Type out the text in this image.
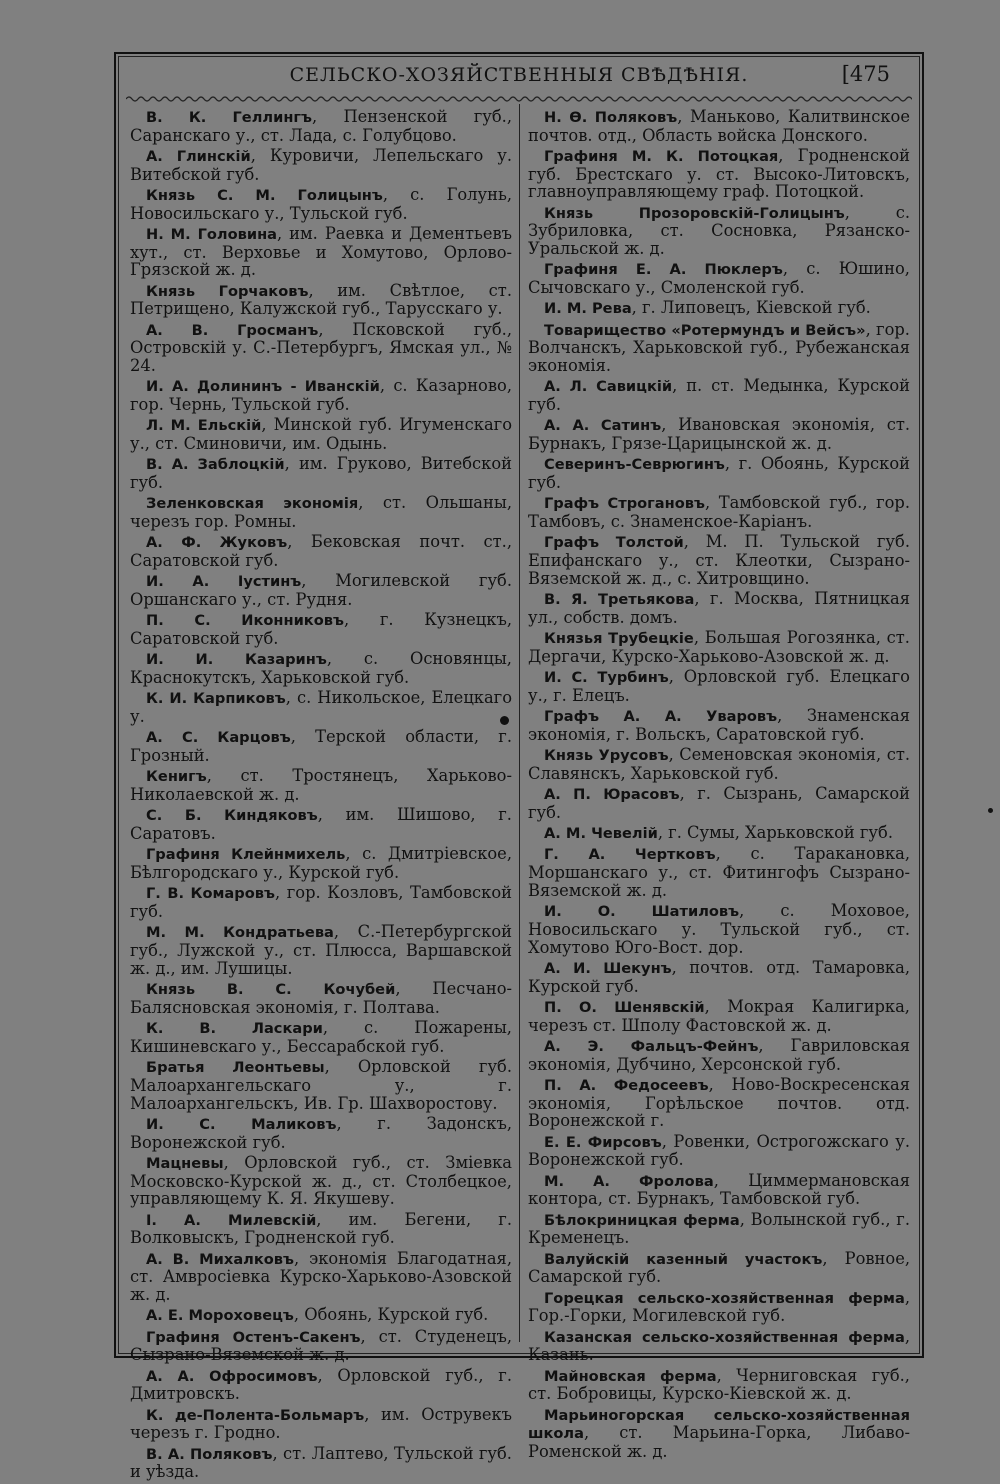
СЕЛЬСКО-ХОЗЯЙСТВЕННЫЯ СВѢДѢНІЯ.	[475

В. К. Геллингъ, Пензенской губ., Саранскаго у., ст. Лада, с. Голубцово.

А. Глинскій, Куровичи, Лепельскаго у. Витебской губ.

Князь С. М. Голицынъ, с. Голунь, Новосильскаго у., Тульской губ.

Н. М. Головина, им. Раевка и Дементьевъ хут., ст. Верховье и Хомутово, Орлово-Грязской ж. д.

Князь Горчаковъ, им. Свѣтлое, ст. Петрищено, Калужской губ., Тарусскаго у.

А. В. Гросманъ, Псковской губ., Островскій у. С.-Петербургъ, Ямская ул., № 24.

И. А. Долининъ - Иванскій, с. Казарново, гор. Чернь, Тульской губ.

Л. М. Ельскій, Минской губ. Игуменскаго у., ст. Сминовичи, им. Одынь.

В. А. Заблоцкій, им. Груково, Витебской губ.

Зеленковская экономія, ст. Ольшаны, черезъ гор. Ромны.

А. Ф. Жуковъ, Бековская почт. ст., Саратовской губ.

И. А. Іустинъ, Могилевской губ. Оршанскаго у., ст. Рудня.

П. С. Иконниковъ, г. Кузнецкъ, Саратовской губ.

И. И. Казаринъ, с. Основянцы, Краснокутскъ, Харьковской губ.

К. И. Карпиковъ, с. Никольское, Елецкаго у.

А. С. Карцовъ, Терской области, г. Грозный.

Кенигъ, ст. Тростянецъ, Харьково-Николаевской ж. д.

С. Б. Киндяковъ, им. Шишово, г. Саратовъ.

Графиня Клейнмихель, с. Дмитріевское, Бѣлгородскаго у., Курской губ.

Г. В. Комаровъ, гор. Козловъ, Тамбовской губ.

М. М. Кондратьева, С.-Петербургской губ., Лужской у., ст. Плюсса, Варшавской ж. д., им. Лушицы.

Князь В. С. Кочубей, Песчано-Балясновская экономія, г. Полтава.

К. В. Ласкари, с. Пожарены, Кишиневскаго у., Бессарабской губ.

Братья Леонтьевы, Орловской губ. Малоархангельскаго у., г. Малоархангельскъ, Ив. Гр. Шахворостову.

И. С. Маликовъ, г. Задонскъ, Воронежской губ.

Мацневы, Орловской губ., ст. Зміевка Московско-Курской ж. д., ст. Столбецкое, управляющему К. Я. Якушеву.

І. А. Милевскій, им. Бегени, г. Волковыскъ, Гродненской губ.

А. В. Михалковъ, экономія Благодатная, ст. Амвросіевка Курско-Харьково-Азовской ж. д.

А. Е. Мороховецъ, Обоянь, Курской губ.

Графиня Остенъ-Сакенъ, ст. Студенецъ, Сызрано-Вяземской ж. д.

А. А. Офросимовъ, Орловской губ., г. Дмитровскъ.

К. де-Полента-Больмаръ, им. Острувекъ черезъ г. Гродно.

В. А. Поляковъ, ст. Лаптево, Тульской губ. и уѣзда.

Н. Ѳ. Поляковъ, Маньково, Калитвинское почтов. отд., Область войска Донского.

Графиня М. К. Потоцкая, Гродненской губ. Брестскаго у. ст. Высоко-Литовскъ, главноуправляющему граф. Потоцкой.

Князь Прозоровскій-Голицынъ, с. Зубриловка, ст. Сосновка, Рязанско-Уральской ж. д.

Графиня Е. А. Пюклеръ, с. Юшино, Сычовскаго у., Смоленской губ.

И. М. Рева, г. Липовецъ, Кіевской губ.

Товарищество «Ротермундъ и Вейсъ», гор. Волчанскъ, Харьковской губ., Рубежанская экономія.

А. Л. Савицкій, п. ст. Медынка, Курской губ.

А. А. Сатинъ, Ивановская экономія, ст. Бурнакъ, Грязе-Царицынской ж. д.

Северинъ-Севрюгинъ, г. Обоянь, Курской губ.

Графъ Строгановъ, Тамбовской губ., гор. Тамбовъ, с. Знаменское-Каріанъ.

Графъ Толстой, М. П. Тульской губ. Епифанскаго у., ст. Клеотки, Сызрано-Вяземской ж. д., с. Хитровщино.

В. Я. Третьякова, г. Москва, Пятницкая ул., собств. домъ.

Князья Трубецкіе, Большая Рогозянка, ст. Дергачи, Курско-Харьково-Азовской ж. д.

И. С. Турбинъ, Орловской губ. Елецкаго у., г. Елецъ.

Графъ А. А. Уваровъ, Знаменская экономія, г. Вольскъ, Саратовской губ.

Князь Урусовъ, Семеновская экономія, ст. Славянскъ, Харьковской губ.

А. П. Юрасовъ, г. Сызрань, Самарской губ.

А. М. Чевелій, г. Сумы, Харьковской губ.

Г. А. Чертковъ, с. Таракановка, Моршанскаго у., ст. Фитингофъ Сызрано-Вяземской ж. д.

И. О. Шатиловъ, с. Моховое, Новосильскаго у. Тульской губ., ст. Хомутово Юго-Вост. дор.

А. И. Шекунъ, почтов. отд. Тамаровка, Курской губ.

П. О. Шенявскій, Мокрая Калигирка, черезъ ст. Шполу Фастовской ж. д.

А. Э. Фальцъ-Фейнъ, Гавриловская экономія, Дубчино, Херсонской губ.

П. А. Федосеевъ, Ново-Воскресенская экономія, Горѣльское почтов. отд. Воронежской г.

Е. Е. Фирсовъ, Ровенки, Острогожскаго у. Воронежской губ.

М. А. Фролова, Циммермановская контора, ст. Бурнакъ, Тамбовской губ.

Бѣлокриницкая ферма, Волынской губ., г. Кременецъ.

Валуйскій казенный участокъ, Ровное, Самарской губ.

Горецкая сельско-хозяйственная ферма, Гор.-Горки, Могилевской губ.

Казанская сельско-хозяйственная ферма, Казань.

Майновская ферма, Черниговская губ., ст. Бобровицы, Курско-Кіевской ж. д.

Марьиногорская сельско-хозяйственная школа, ст. Марьина-Горка, Либаво-Роменской ж. д.
